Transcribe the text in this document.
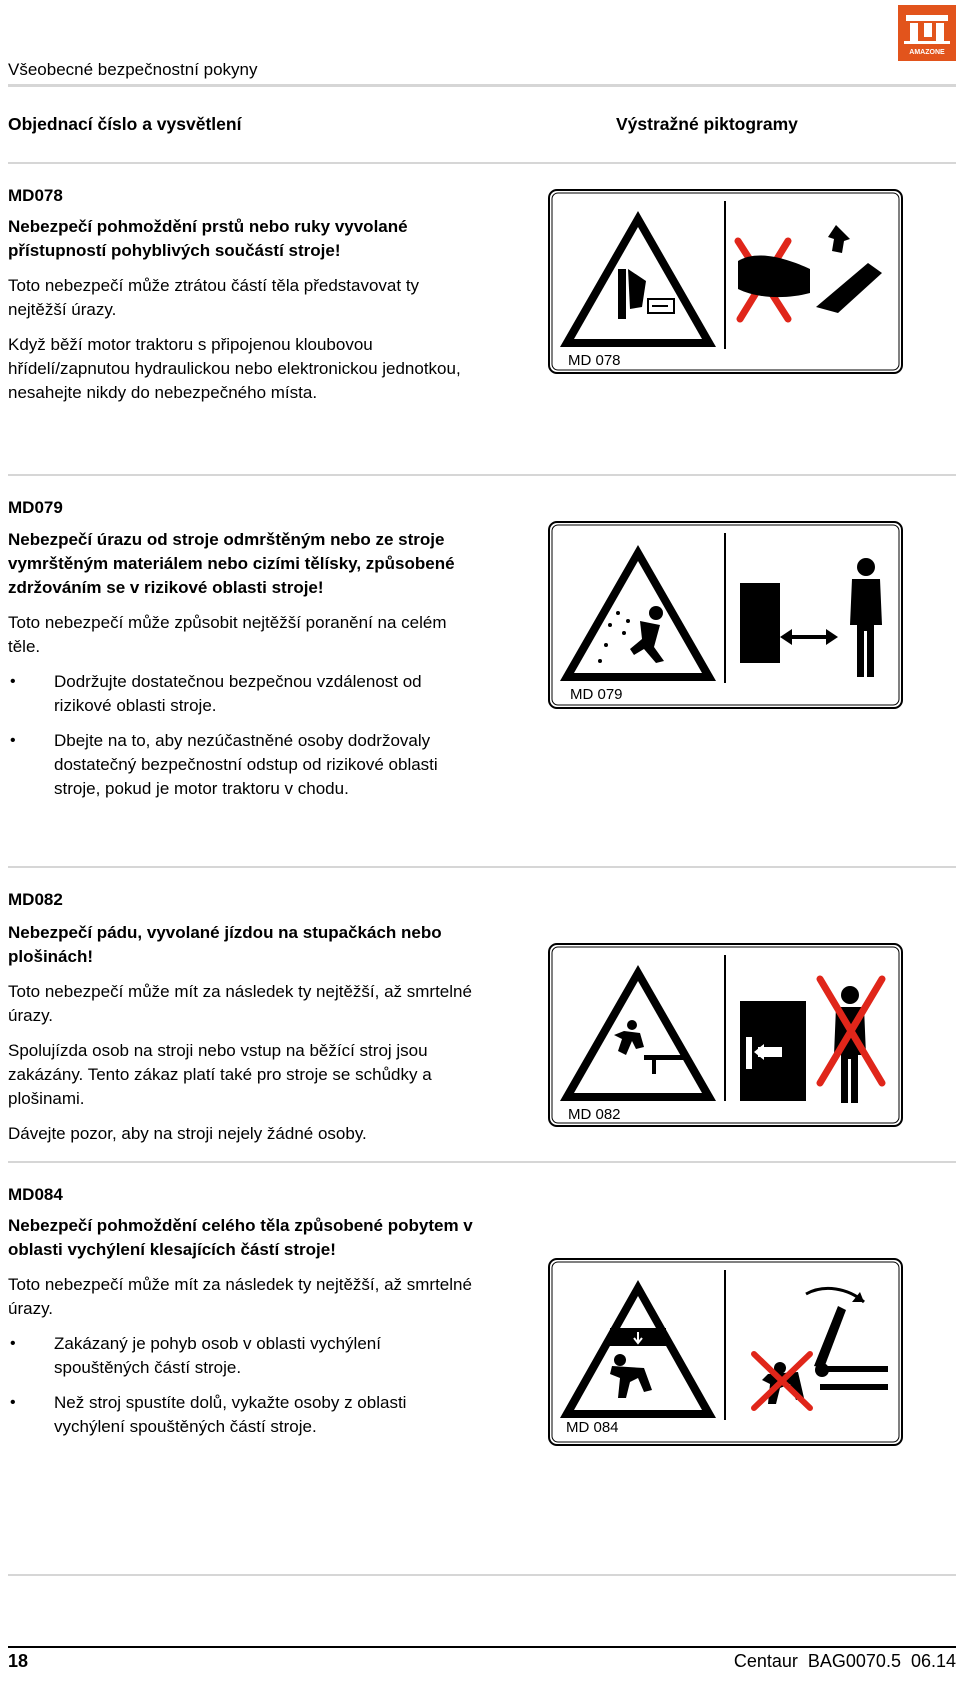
AMAZONE
Všeobecné bezpečnostní pokyny
Objednací číslo a vysvětlení	Výstražné piktogramy
MD078

Nebezpečí pohmoždění prstů nebo ruky vyvolané přístupností pohyblivých součástí stroje!

Toto nebezpečí může ztrátou částí těla představovat ty nejtěžší úrazy.

Když běží motor traktoru s připojenou kloubovou hřídelí/zapnutou hydraulickou nebo elektronickou jednotkou, nesahejte nikdy do nebezpečného místa.

MD 078
MD079

Nebezpečí úrazu od stroje odmrštěným nebo ze stroje vymrštěným materiálem nebo cizími tělísky, způsobené zdržováním se v rizikové oblasti stroje!

Toto nebezpečí může způsobit nejtěžší poranění na celém těle.

• Dodržujte dostatečnou bezpečnou vzdálenost od rizikové oblasti stroje.
• Dbejte na to, aby nezúčastněné osoby dodržovaly dostatečný bezpečnostní odstup od rizikové oblasti stroje, pokud je motor traktoru v chodu.
MD 079
MD082

Nebezpečí pádu, vyvolané jízdou na stupačkách nebo plošinách!

Toto nebezpečí může mít za následek ty nejtěžší, až smrtelné úrazy.

Spolujízda osob na stroji nebo vstup na běžící stroj jsou zakázány. Tento zákaz platí také pro stroje se schůdky a plošinami.

Dávejte pozor, aby na stroji nejely žádné osoby.

MD 082
MD084

Nebezpečí pohmoždění celého těla způsobené pobytem v oblasti vychýlení klesajících částí stroje!

Toto nebezpečí může mít za následek ty nejtěžší, až smrtelné úrazy.

• Zakázaný je pohyb osob v oblasti vychýlení spouštěných částí stroje.
• Než stroj spustíte dolů, vykažte osoby z oblasti vychýlení spouštěných částí stroje.	MD 084
18	Centaur  BAG0070.5  06.14
